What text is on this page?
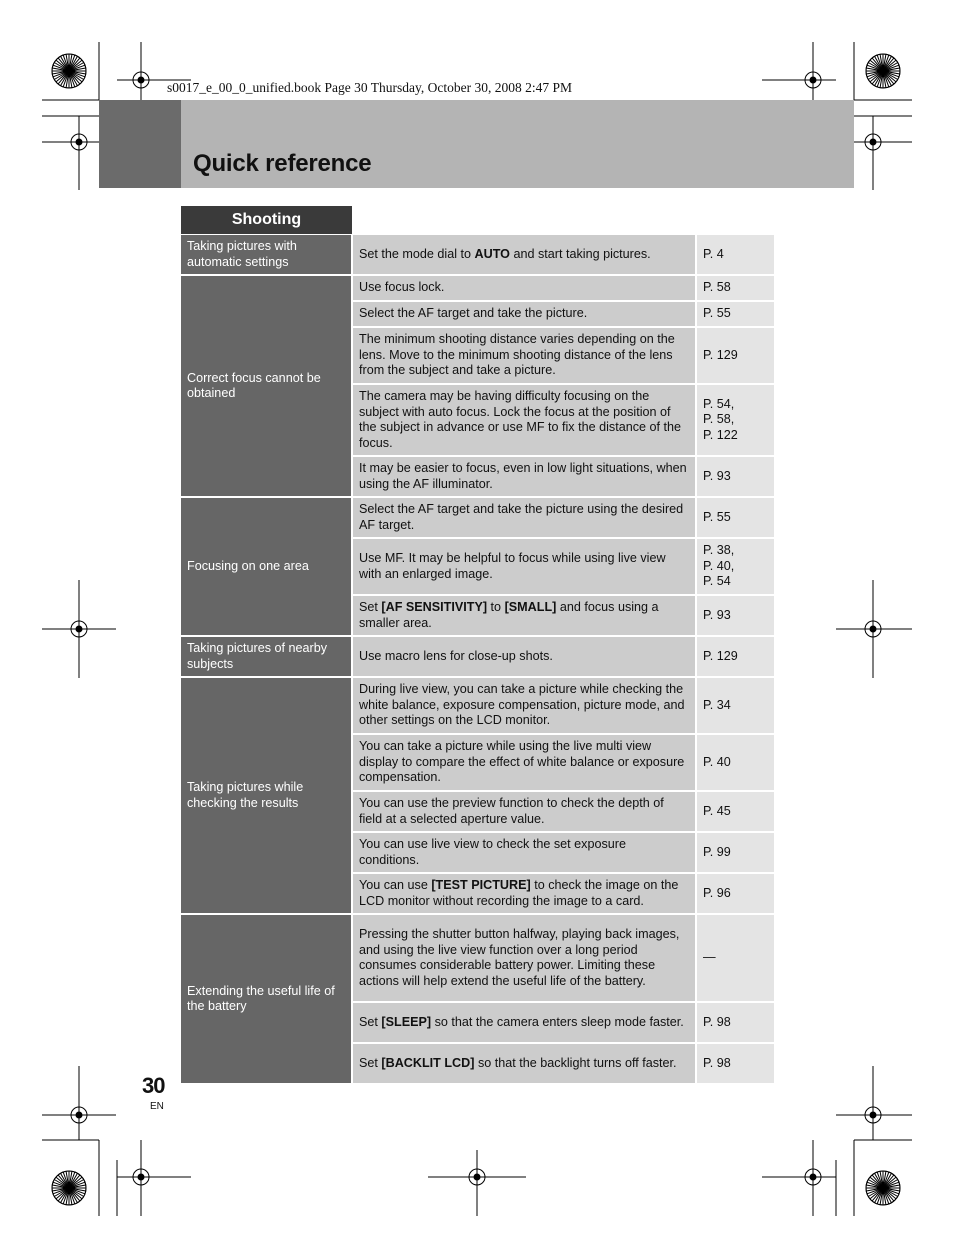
s0017_e_00_0_unified.book Page 30 Thursday, October 30, 2008 2:47 PM
Quick reference
Shooting
Taking pictures with automatic settings	Set the mode dial to AUTO and start taking pictures.	P. 4
Correct focus cannot be obtained	Use focus lock.	P. 58
	Select the AF target and take the picture.	P. 55
	The minimum shooting distance varies depending on the lens. Move to the minimum shooting distance of the lens from the subject and take a picture.	P. 129
	The camera may be having difficulty focusing on the subject with auto focus. Lock the focus at the position of the subject in advance or use MF to fix the distance of the focus.	P. 54,
P. 58,
P. 122
	It may be easier to focus, even in low light situations, when using the AF illuminator.	P. 93
Focusing on one area	Select the AF target and take the picture using the desired AF target.	P. 55
	Use MF. It may be helpful to focus while using live view with an enlarged image.	P. 38,
P. 40,
P. 54
	Set [AF SENSITIVITY] to [SMALL] and focus using a smaller area.	P. 93
Taking pictures of nearby subjects	Use macro lens for close-up shots.	P. 129
Taking pictures while checking the results	During live view, you can take a picture while checking the white balance, exposure compensation, picture mode, and other settings on the LCD monitor.	P. 34
	You can take a picture while using the live multi view display to compare the effect of white balance or exposure compensation.	P. 40
	You can use the preview function to check the depth of field at a selected aperture value.	P. 45
	You can use live view to check the set exposure conditions.	P. 99
	You can use [TEST PICTURE] to check the image on the LCD monitor without recording the image to a card.	P. 96
Extending the useful life of the battery	Pressing the shutter button halfway, playing back images, and using the live view function over a long period consumes considerable battery power. Limiting these actions will help extend the useful life of the battery.	—
	Set [SLEEP] so that the camera enters sleep mode faster.	P. 98
	Set [BACKLIT LCD] so that the backlight turns off faster.	P. 98
30
EN
